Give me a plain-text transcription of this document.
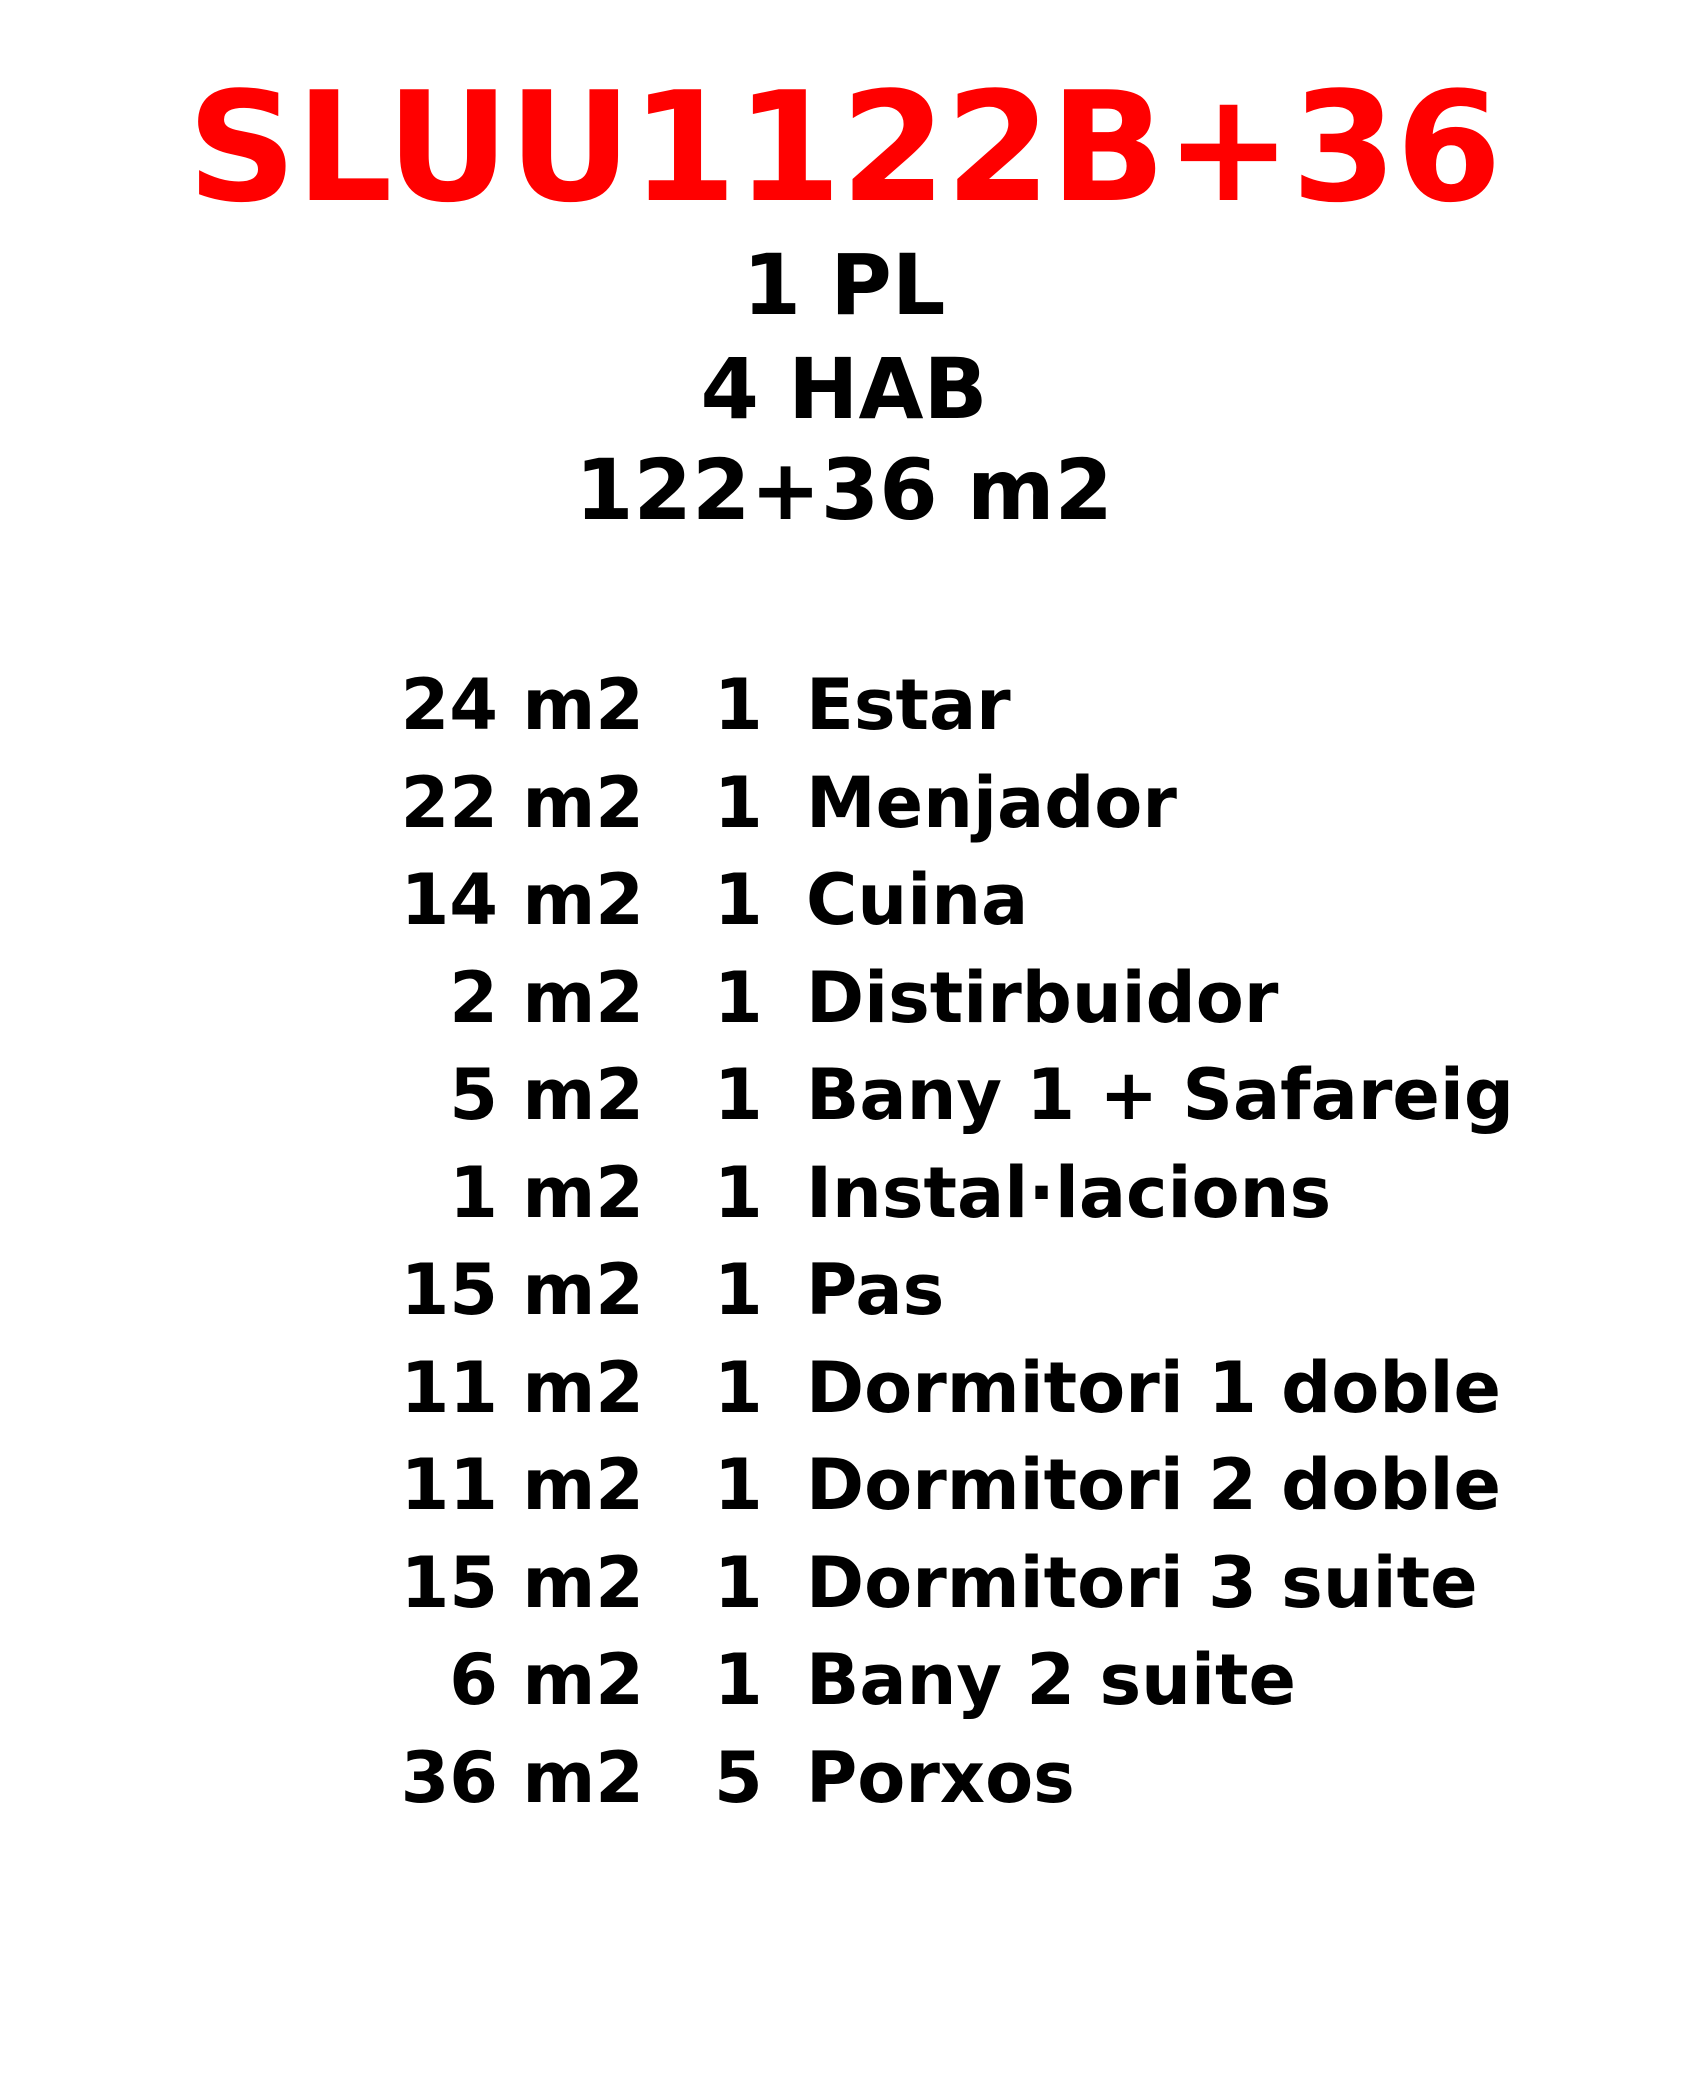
SLUU1122B+36
1 PL
4 HAB
122+36 m2
24 m2 1 Estar
22 m2 1 Menjador
14 m2 1 Cuina
2 m2 1 Distirbuidor
5 m2 1 Bany 1 + Safareig
1 m2 1 Instal·lacions
15 m2 1 Pas
11 m2 1 Dormitori 1 doble
11 m2 1 Dormitori 2 doble
15 m2 1 Dormitori 3 suite
6 m2 1 Bany 2 suite
36 m2 5 Porxos
